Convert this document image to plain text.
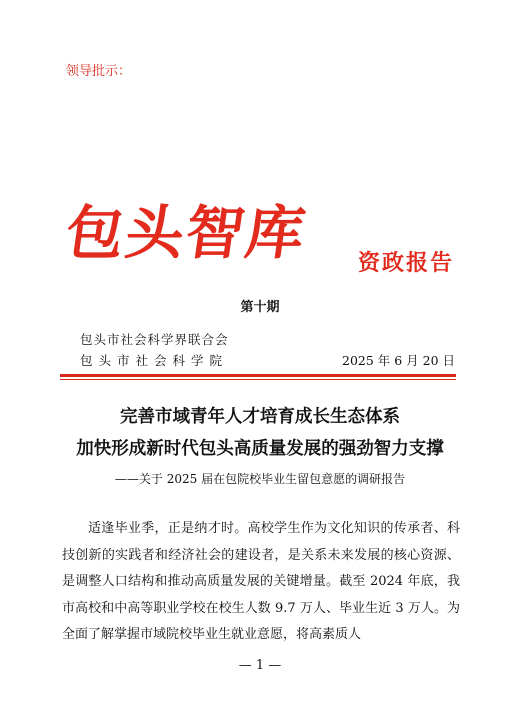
领导批示：
包头智库 资政报告
第十期
包头市社会科学界联合会
包头市社会科学院	2025 年 6 月 20 日
完善市域青年人才培育成长生态体系
加快形成新时代包头高质量发展的强劲智力支撑
——关于 2025 届在包院校毕业生留包意愿的调研报告

适逢毕业季，正是纳才时。高校学生作为文化知识的传承者、科技创新的实践者和经济社会的建设者，是关系未来发展的核心资源、是调整人口结构和推动高质量发展的关键增量。截至 2024 年底，我市高校和中高等职业学校在校生人数 9.7 万人、毕业生近 3 万人。为全面了解掌握市域院校毕业生就业意愿，将高素质人

— 1 —
